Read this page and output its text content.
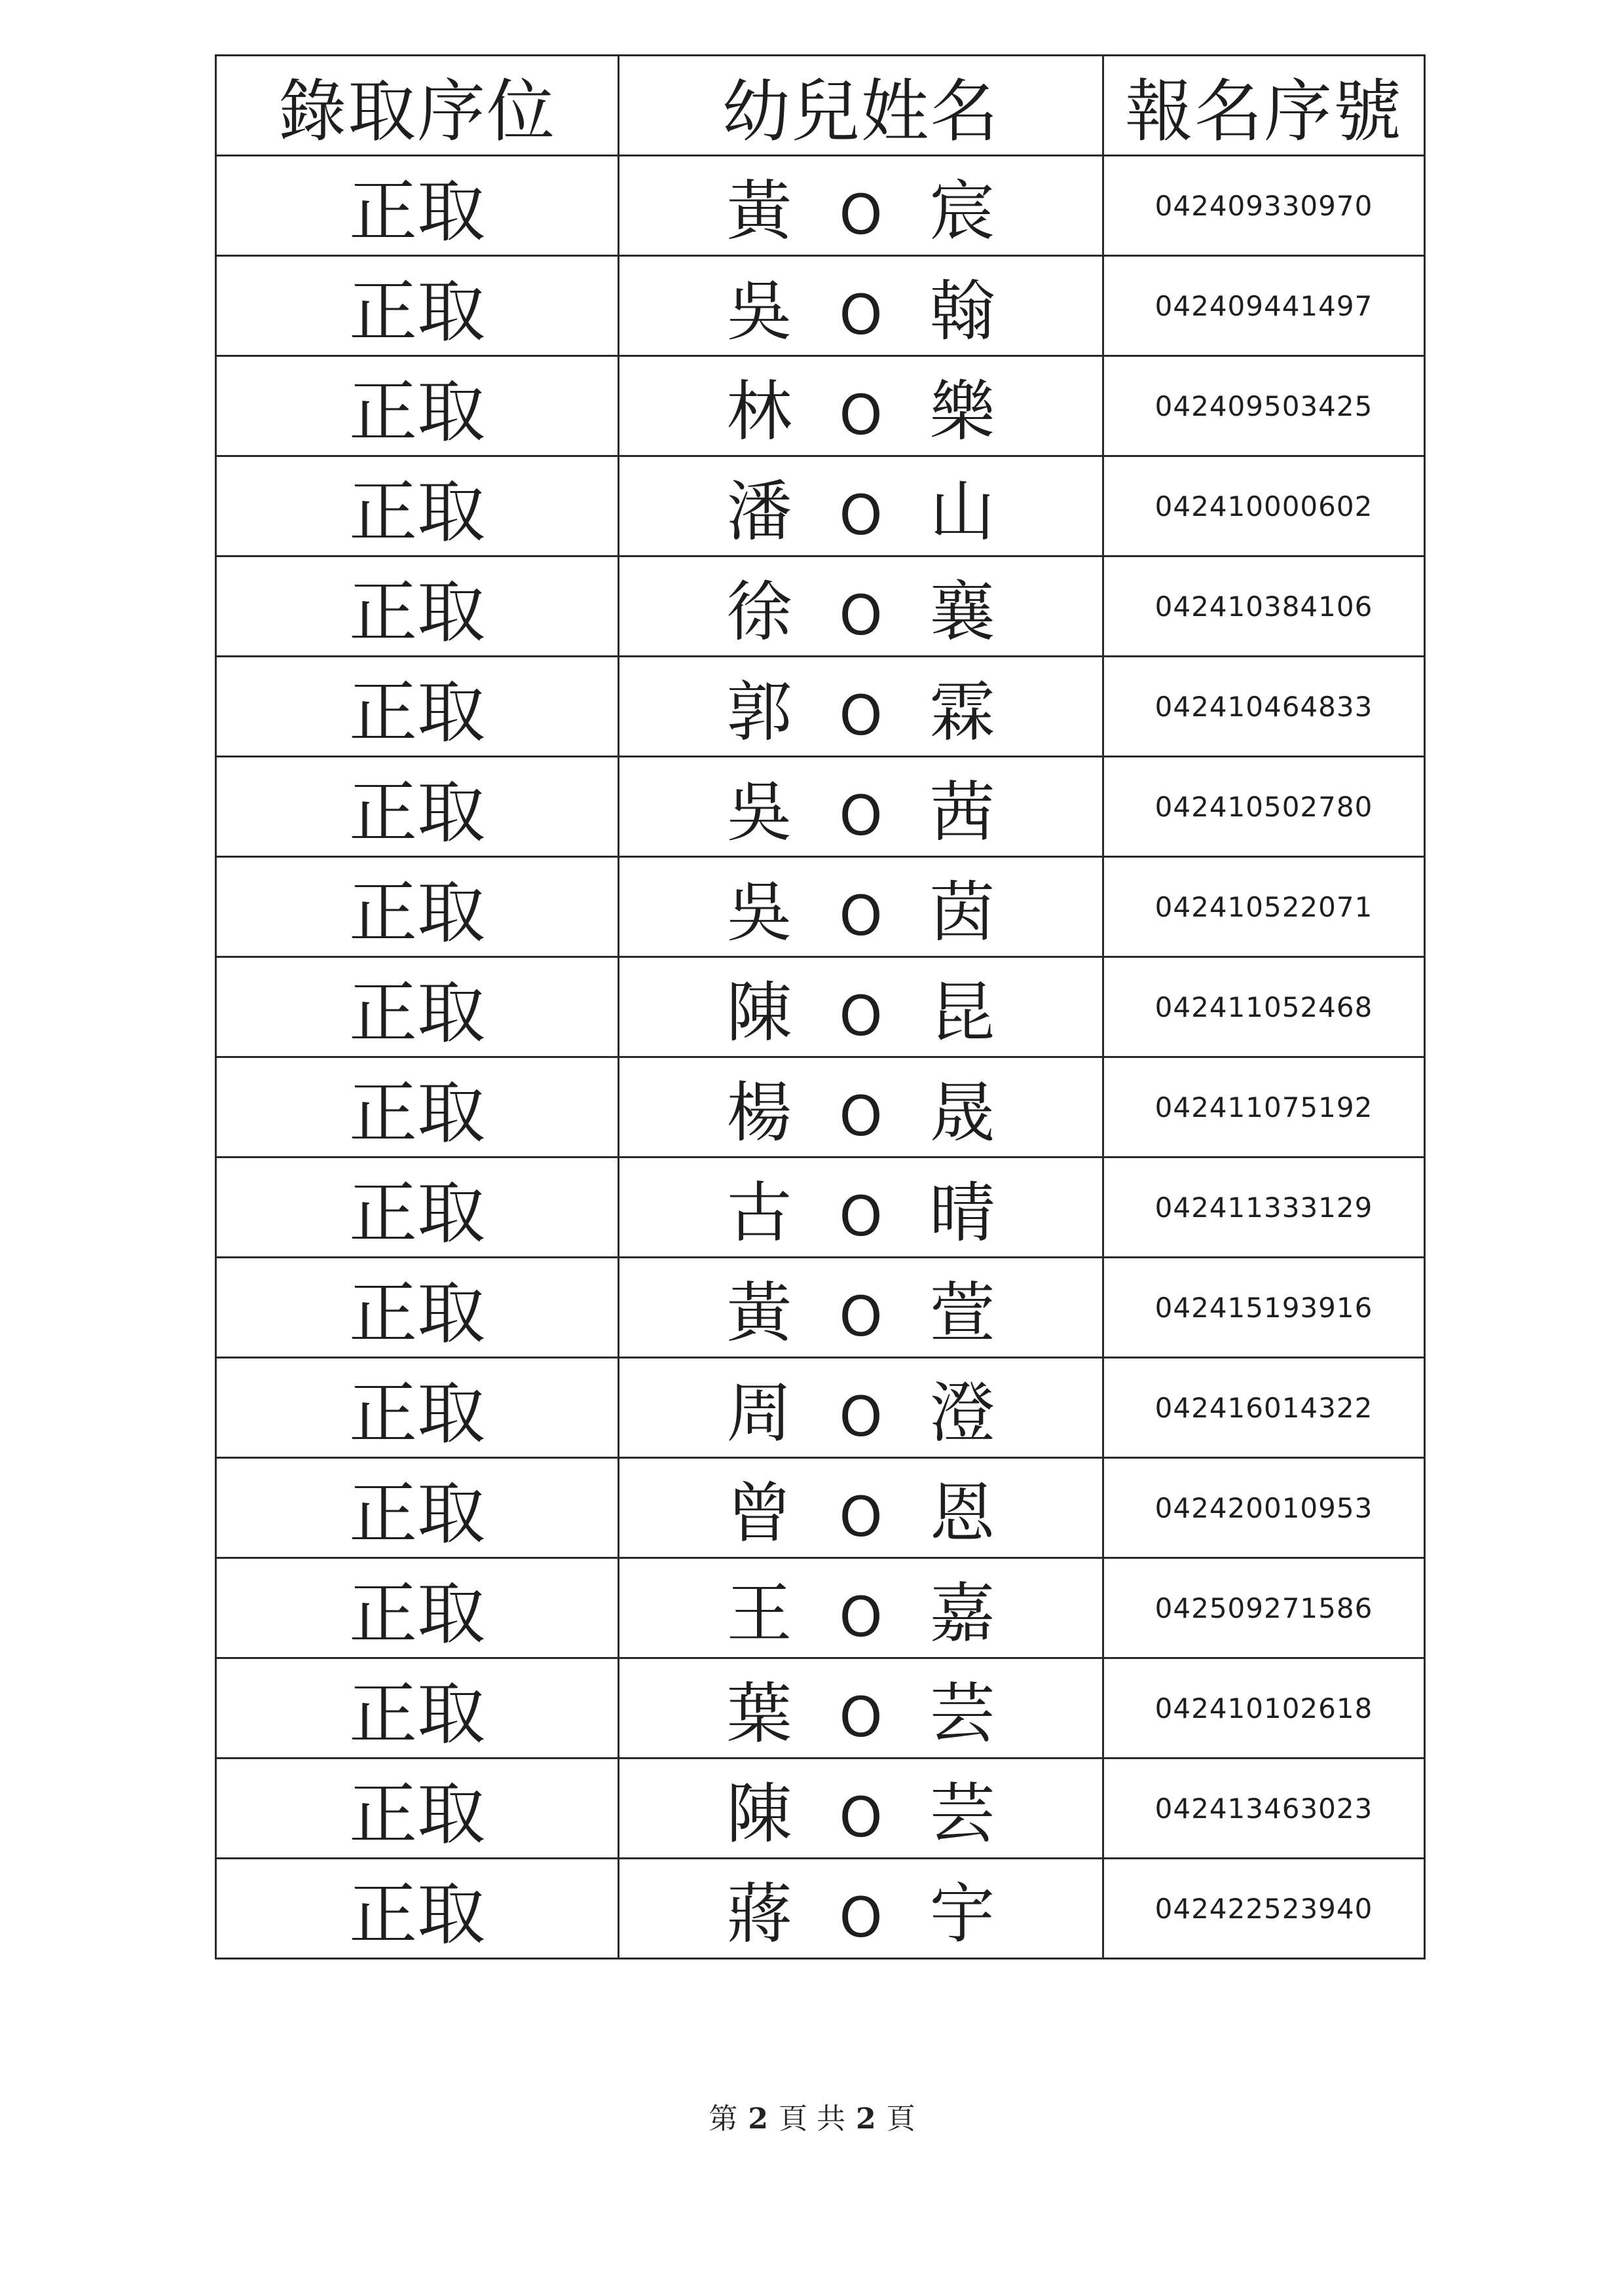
錄取序位	幼兒姓名	報名序號
正取	黃 O 宸	042409330970
正取	吳 O 翰	042409441497
正取	林 O 樂	042409503425
正取	潘 O 山	042410000602
正取	徐 O 襄	042410384106
正取	郭 O 霖	042410464833
正取	吳 O 茜	042410502780
正取	吳 O 茵	042410522071
正取	陳 O 昆	042411052468
正取	楊 O 晟	042411075192
正取	古 O 晴	042411333129
正取	黃 O 萱	042415193916
正取	周 O 澄	042416014322
正取	曾 O 恩	042420010953
正取	王 O 嘉	042509271586
正取	葉 O 芸	042410102618
正取	陳 O 芸	042413463023
正取	蔣 O 宇	042422523940
第 2 頁 共 2 頁
